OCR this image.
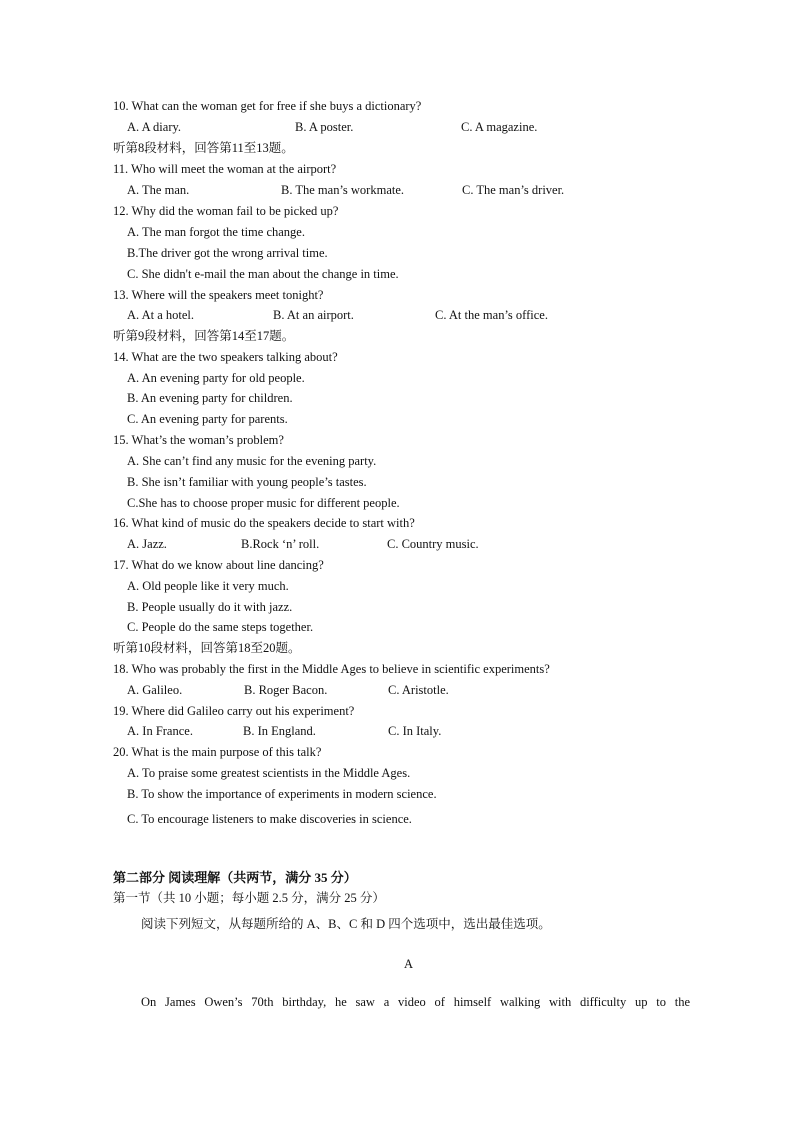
10. What can the woman get for free if she buys a dictionary?
A. A diary.	B. A poster.	C. A magazine.
听第8段材料，回答第11至13题。
11. Who will meet the woman at the airport?
A. The man.	B. The man’s workmate.	C. The man’s driver.
12. Why did the woman fail to be picked up?
A. The man forgot the time change.
B.The driver got the wrong arrival time.
C. She didn't e-mail the man about the change in time.
13. Where will the speakers meet tonight?
A. At a hotel.	B. At an airport.	C. At the man’s office.
听第9段材料，回答第14至17题。
14. What are the two speakers talking about?
A. An evening party for old people.
B. An evening party for children.
C. An evening party for parents.
15. What’s the woman’s problem?
A. She can’t find any music for the evening party.
B. She isn’t familiar with young people’s tastes.
C.She has to choose proper music for different people.
16. What kind of music do the speakers decide to start with?
A. Jazz.	B.Rock ‘n’ roll.	C. Country music.
17. What do we know about line dancing?
A. Old people like it very much.
B. People usually do it with jazz.
C. People do the same steps together.
听第10段材料，回答第18至20题。
18. Who was probably the first in the Middle Ages to believe in scientific experiments?
A. Galileo.	B. Roger Bacon.	C. Aristotle.
19. Where did Galileo carry out his experiment?
A. In France.	B. In England.	C. In Italy.
20. What is the main purpose of this talk?
A. To praise some greatest scientists in the Middle Ages.
B. To show the importance of experiments in modern science.
C. To encourage listeners to make discoveries in science.
第二部分 阅读理解（共两节，满分 35 分）
第一节（共 10 小题；每小题 2.5 分，满分 25 分）
阅读下列短文，从每题所给的 A、B、C 和 D 四个选项中，选出最佳选项。
A
On James Owen’s 70th birthday, he saw a video of himself walking with difficulty up to the
